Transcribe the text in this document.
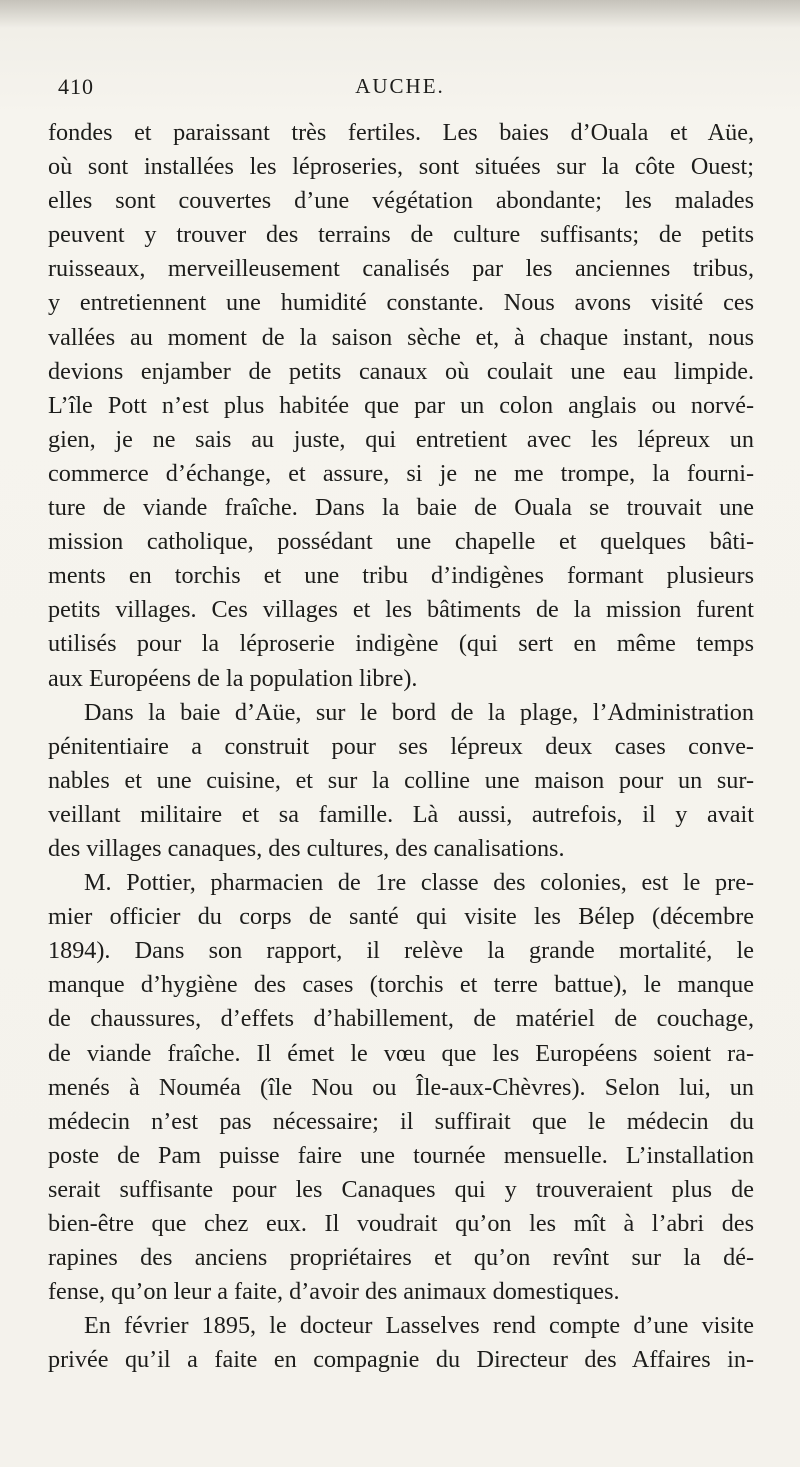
410	AUCHE.
fondes et paraissant très fertiles. Les baies d’Ouala et Aüe,
où sont installées les léproseries, sont situées sur la côte Ouest;
elles sont couvertes d’une végétation abondante; les malades
peuvent y trouver des terrains de culture suffisants; de petits
ruisseaux, merveilleusement canalisés par les anciennes tribus,
y entretiennent une humidité constante. Nous avons visité ces
vallées au moment de la saison sèche et, à chaque instant, nous
devions enjamber de petits canaux où coulait une eau limpide.
L’île Pott n’est plus habitée que par un colon anglais ou norvé-
gien, je ne sais au juste, qui entretient avec les lépreux un
commerce d’échange, et assure, si je ne me trompe, la fourni-
ture de viande fraîche. Dans la baie de Ouala se trouvait une
mission catholique, possédant une chapelle et quelques bâti-
ments en torchis et une tribu d’indigènes formant plusieurs
petits villages. Ces villages et les bâtiments de la mission furent
utilisés pour la léproserie indigène (qui sert en même temps
aux Européens de la population libre).
Dans la baie d’Aüe, sur le bord de la plage, l’Administration
pénitentiaire a construit pour ses lépreux deux cases conve-
nables et une cuisine, et sur la colline une maison pour un sur-
veillant militaire et sa famille. Là aussi, autrefois, il y avait
des villages canaques, des cultures, des canalisations.
M. Pottier, pharmacien de 1re classe des colonies, est le pre-
mier officier du corps de santé qui visite les Bélep (décembre
1894). Dans son rapport, il relève la grande mortalité, le
manque d’hygiène des cases (torchis et terre battue), le manque
de chaussures, d’effets d’habillement, de matériel de couchage,
de viande fraîche. Il émet le vœu que les Européens soient ra-
menés à Nouméa (île Nou ou Île-aux-Chèvres). Selon lui, un
médecin n’est pas nécessaire; il suffirait que le médecin du
poste de Pam puisse faire une tournée mensuelle. L’installation
serait suffisante pour les Canaques qui y trouveraient plus de
bien-être que chez eux. Il voudrait qu’on les mît à l’abri des
rapines des anciens propriétaires et qu’on revînt sur la dé-
fense, qu’on leur a faite, d’avoir des animaux domestiques.
En février 1895, le docteur Lasselves rend compte d’une visite
privée qu’il a faite en compagnie du Directeur des Affaires in-
